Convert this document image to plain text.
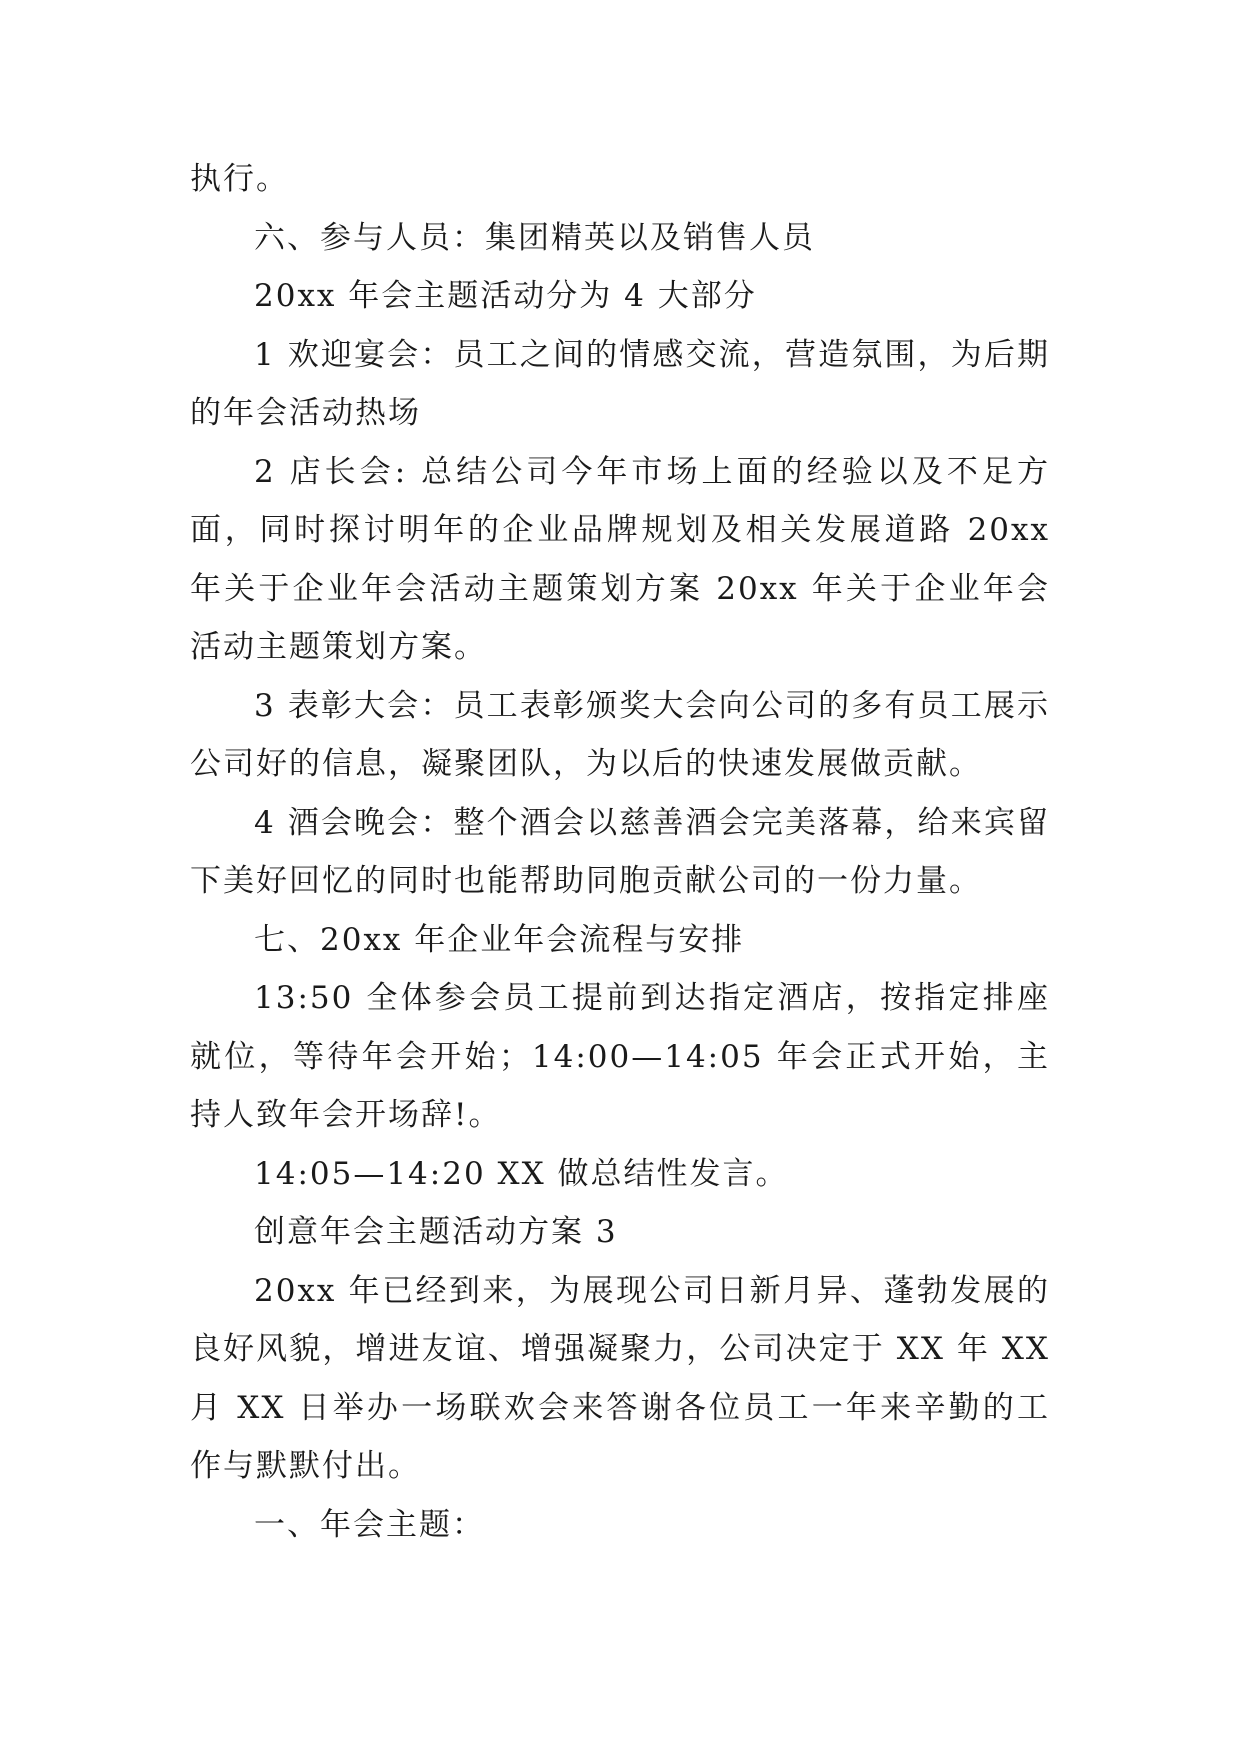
执行。

六、参与人员：集团精英以及销售人员

20xx 年会主题活动分为 4 大部分

1 欢迎宴会：员工之间的情感交流，营造氛围，为后期的年会活动热场

2 店长会: 总结公司今年市场上面的经验以及不足方面，同时探讨明年的企业品牌规划及相关发展道路 20xx 年关于企业年会活动主题策划方案 20xx 年关于企业年会活动主题策划方案。

3 表彰大会：员工表彰颁奖大会向公司的多有员工展示公司好的信息，凝聚团队，为以后的快速发展做贡献。

4 酒会晚会：整个酒会以慈善酒会完美落幕，给来宾留下美好回忆的同时也能帮助同胞贡献公司的一份力量。

七、20xx 年企业年会流程与安排

13:50 全体参会员工提前到达指定酒店，按指定排座就位，等待年会开始；14:00—14:05 年会正式开始，主持人致年会开场辞!。

14:05—14:20 XX 做总结性发言。

创意年会主题活动方案 3

20xx 年已经到来，为展现公司日新月异、蓬勃发展的良好风貌，增进友谊、增强凝聚力，公司决定于 XX 年 XX 月 XX 日举办一场联欢会来答谢各位员工一年来辛勤的工作与默默付出。

一、年会主题：
